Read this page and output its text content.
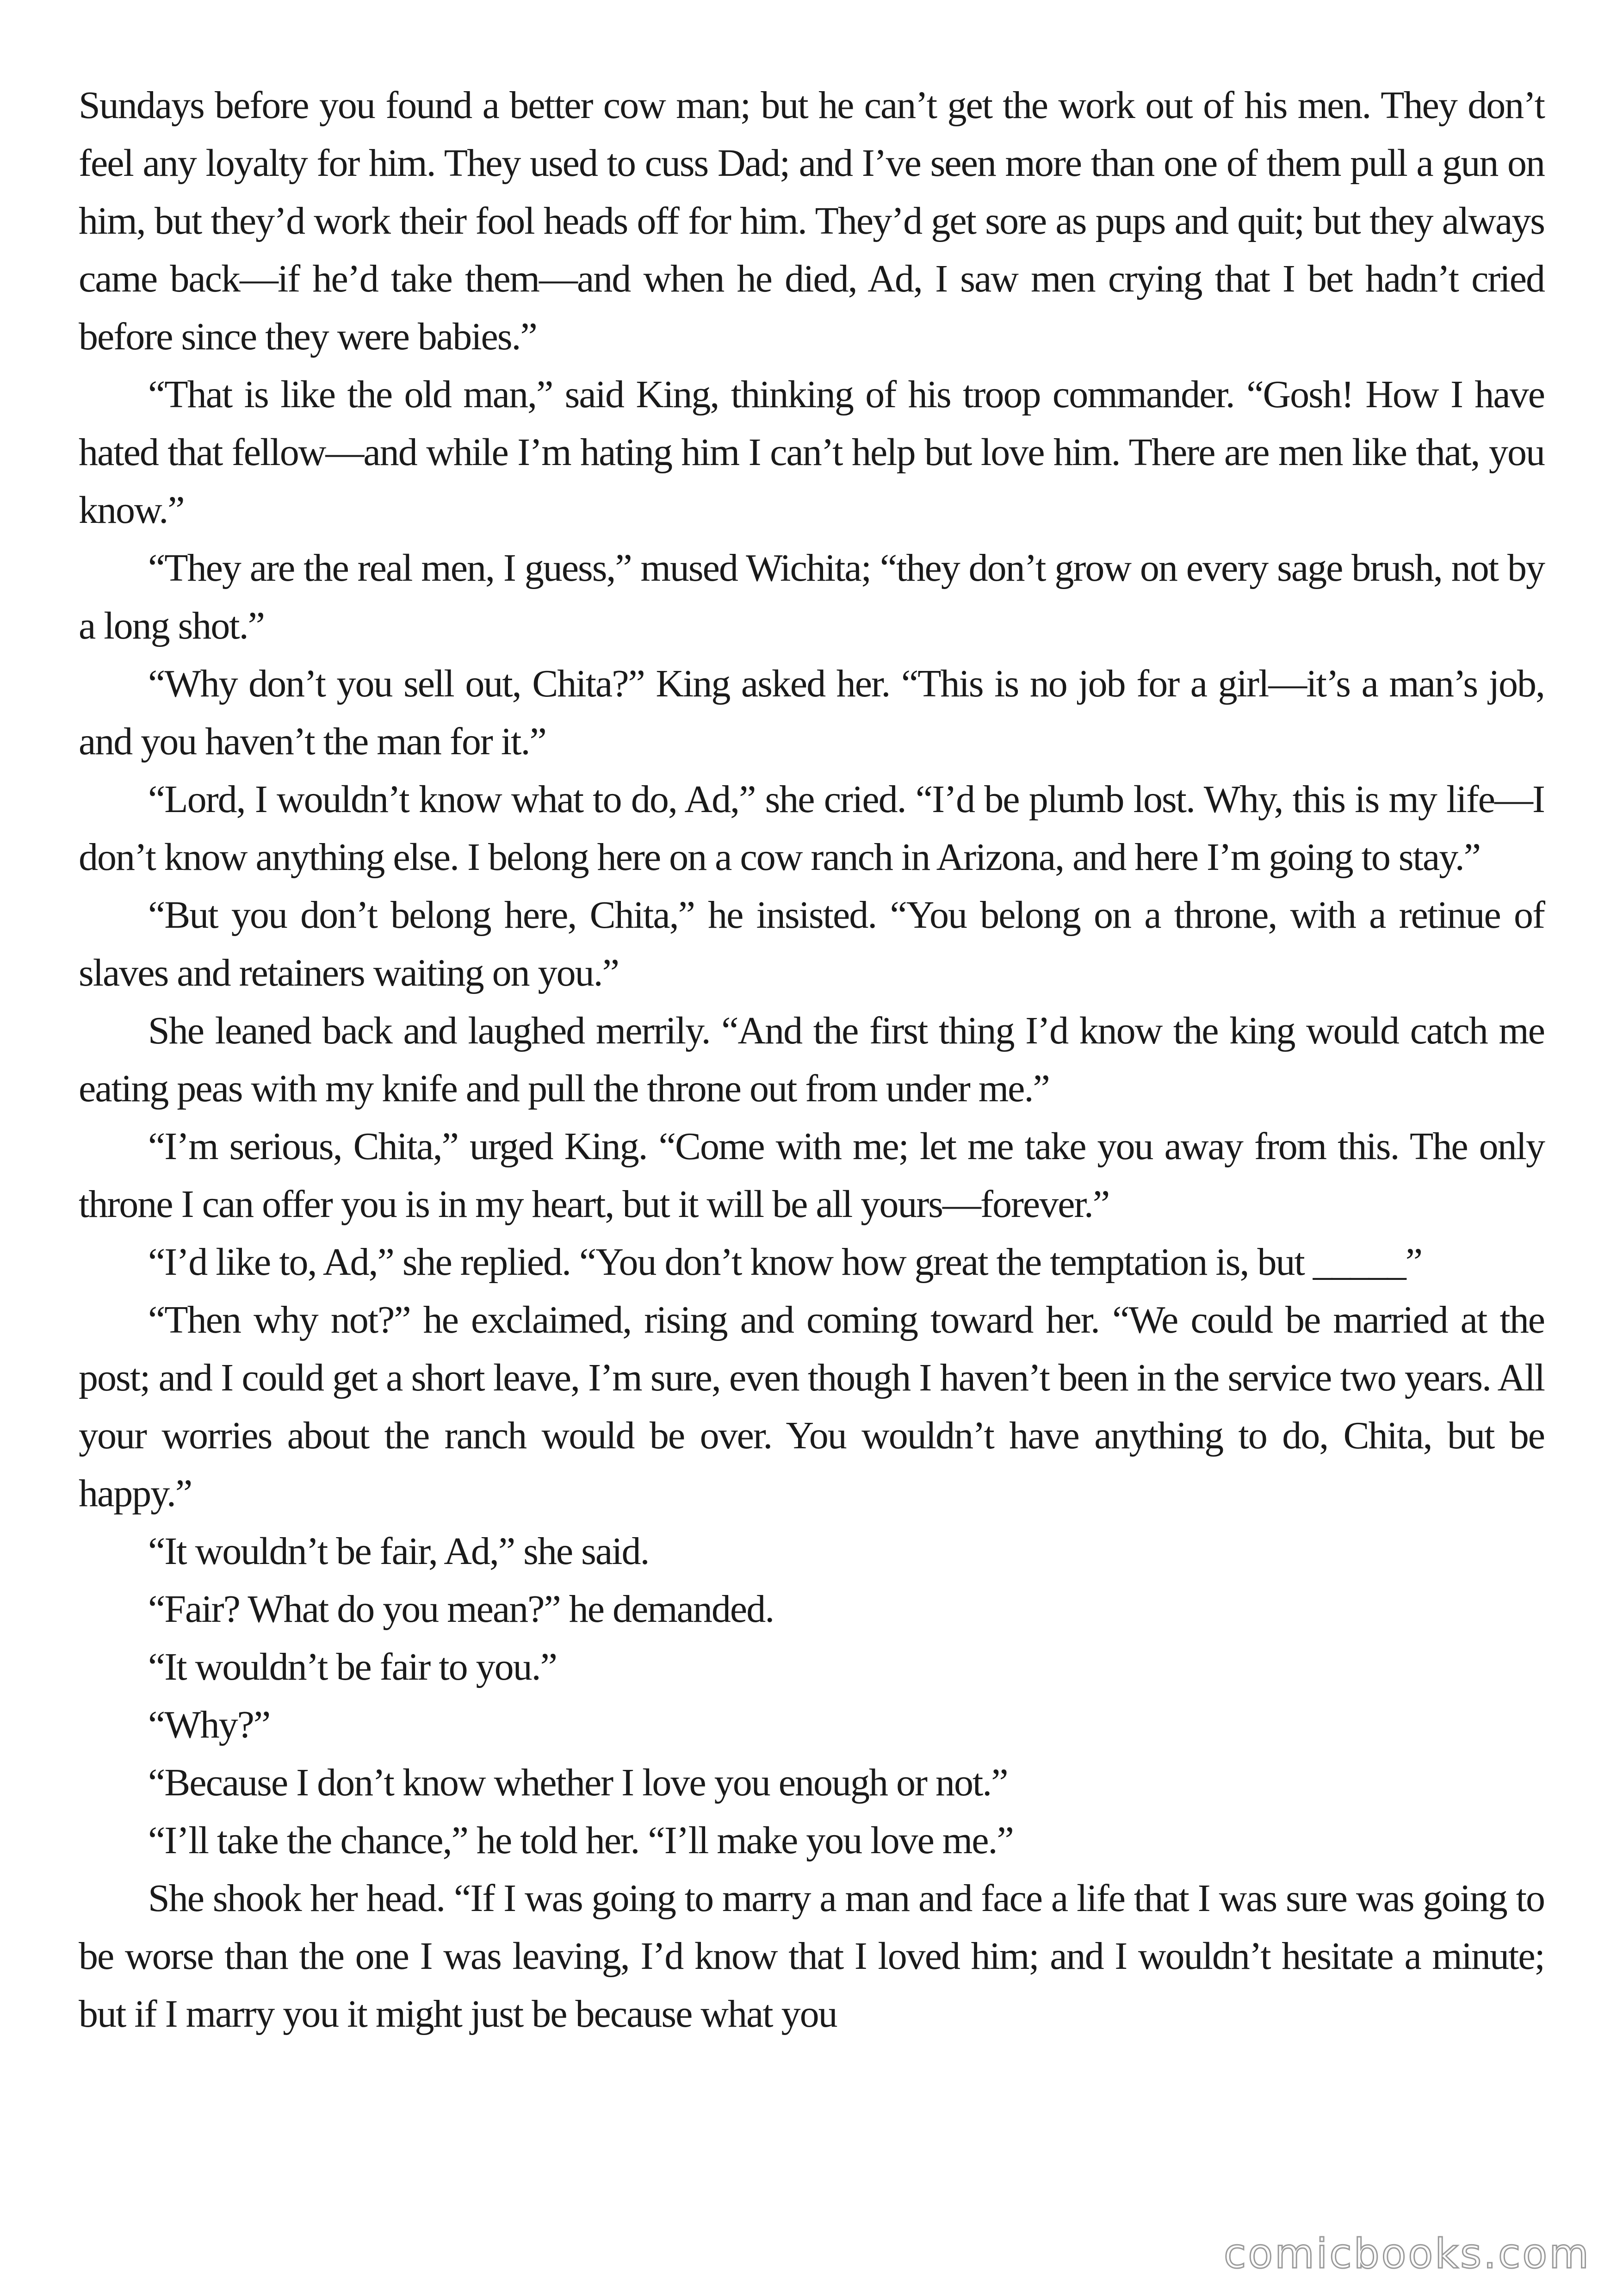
Sundays before you found a better cow man; but he can’t get the work out of his men. They don’t feel any loyalty for him. They used to cuss Dad; and I’ve seen more than one of them pull a gun on him, but they’d work their fool heads off for him. They’d get sore as pups and quit; but they always came back—if he’d take them—and when he died, Ad, I saw men crying that I bet hadn’t cried before since they were babies.”

“That is like the old man,” said King, thinking of his troop commander. “Gosh! How I have hated that fellow—and while I’m hating him I can’t help but love him. There are men like that, you know.”

“They are the real men, I guess,” mused Wichita; “they don’t grow on every sage brush, not by a long shot.”

“Why don’t you sell out, Chita?” King asked her. “This is no job for a girl—it’s a man’s job, and you haven’t the man for it.”

“Lord, I wouldn’t know what to do, Ad,” she cried. “I’d be plumb lost. Why, this is my life—I don’t know anything else. I belong here on a cow ranch in Arizona, and here I’m going to stay.”

“But you don’t belong here, Chita,” he insisted. “You belong on a throne, with a retinue of slaves and retainers waiting on you.”

She leaned back and laughed merrily. “And the first thing I’d know the king would catch me eating peas with my knife and pull the throne out from under me.”

“I’m serious, Chita,” urged King. “Come with me; let me take you away from this. The only throne I can offer you is in my heart, but it will be all yours—forever.”

“I’d like to, Ad,” she replied. “You don’t know how great the temptation is, but _____”

“Then why not?” he exclaimed, rising and coming toward her. “We could be married at the post; and I could get a short leave, I’m sure, even though I haven’t been in the service two years. All your worries about the ranch would be over. You wouldn’t have anything to do, Chita, but be happy.”

“It wouldn’t be fair, Ad,” she said.

“Fair? What do you mean?” he demanded.

“It wouldn’t be fair to you.”

“Why?”

“Because I don’t know whether I love you enough or not.”

“I’ll take the chance,” he told her. “I’ll make you love me.”

She shook her head. “If I was going to marry a man and face a life that I was sure was going to be worse than the one I was leaving, I’d know that I loved him; and I wouldn’t hesitate a minute; but if I marry you it might just be because what you

comicbooks.com
